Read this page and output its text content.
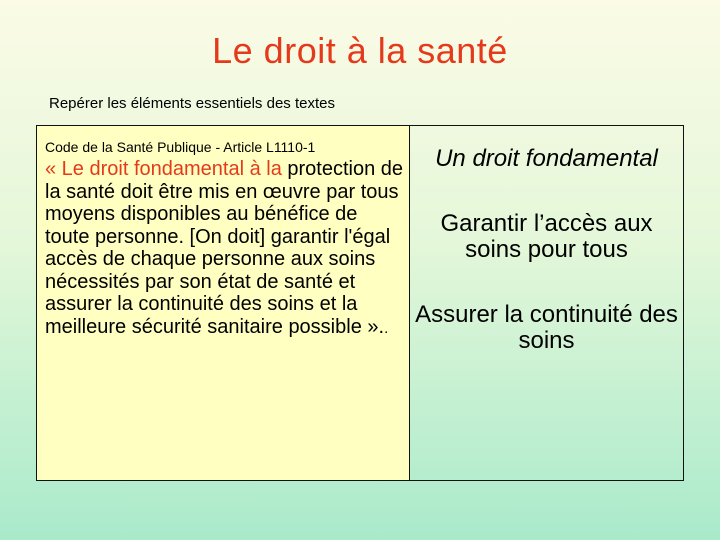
Le droit à la santé
Repérer les éléments essentiels des textes
Code de la Santé Publique - Article L1110-1
« Le droit fondamental à la protection de la santé doit être mis en œuvre par tous moyens disponibles au bénéfice de toute personne. [On doit] garantir l'égal accès de chaque personne aux soins nécessités par son état de santé et assurer la continuité des soins et la meilleure sécurité sanitaire possible »..
Un droit fondamental
Garantir l’accès aux soins pour tous
Assurer la continuité des soins
